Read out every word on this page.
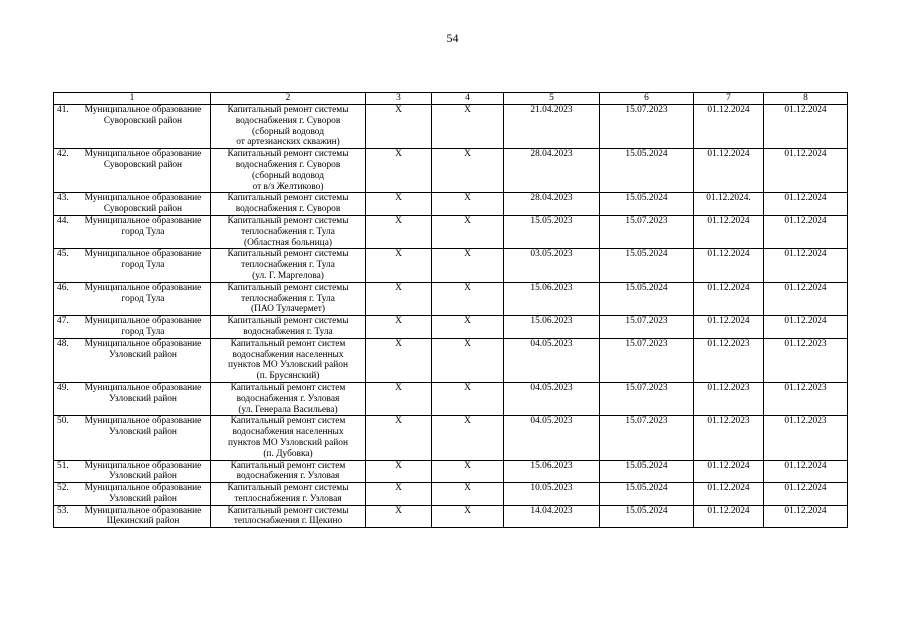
54
1	2	3	4	5	6	7	8
41. Муниципальное образование
Суворовский район	Капитальный ремонт системы
водоснабжения г. Суворов
(сборный водовод
от артезианских скважин)	X	X	21.04.2023	15.07.2023	01.12.2024	01.12.2024
42. Муниципальное образование
Суворовский район	Капитальный ремонт системы
водоснабжения г. Суворов
(сборный водовод
от в/з Желтиково)	X	X	28.04.2023	15.05.2024	01.12.2024	01.12.2024
43. Муниципальное образование
Суворовский район	Капитальный ремонт системы
водоснабжения г. Суворов	X	X	28.04.2023	15.05.2024	01.12.2024.	01.12.2024
44. Муниципальное образование
город Тула	Капитальный ремонт системы
теплоснабжения г. Тула
(Областная больница)	X	X	15.05.2023	15.07.2023	01.12.2024	01.12.2024
45. Муниципальное образование
город Тула	Капитальный ремонт системы
теплоснабжения г. Тула
(ул. Г. Маргелова)	X	X	03.05.2023	15.05.2024	01.12.2024	01.12.2024
46. Муниципальное образование
город Тула	Капитальный ремонт системы
теплоснабжения г. Тула
(ПАО Тулачермет)	X	X	15.06.2023	15.05.2024	01.12.2024	01.12.2024
47. Муниципальное образование
город Тула	Капитальный ремонт системы
водоснабжения г. Тула	X	X	15.06.2023	15.07.2023	01.12.2024	01.12.2024
48. Муниципальное образование
Узловский район	Капитальный ремонт систем
водоснабжения населенных
пунктов МО Узловский район
(п. Брусянский)	X	X	04.05.2023	15.07.2023	01.12.2023	01.12.2023
49. Муниципальное образование
Узловский район	Капитальный ремонт систем
водоснабжения г. Узловая
(ул. Генерала Васильева)	X	X	04.05.2023	15.07.2023	01.12.2023	01.12.2023
50. Муниципальное образование
Узловский район	Капитальный ремонт систем
водоснабжения населенных
пунктов МО Узловский район
(п. Дубовка)	X	X	04.05.2023	15.07.2023	01.12.2023	01.12.2023
51. Муниципальное образование
Узловский район	Капитальный ремонт систем
водоснабжения г. Узловая	X	X	15.06.2023	15.05.2024	01.12.2024	01.12.2024
52. Муниципальное образование
Узловский район	Капитальный ремонт системы
теплоснабжения г. Узловая	X	X	10.05.2023	15.05.2024	01.12.2024	01.12.2024
53. Муниципальное образование
Щекинский район	Капитальный ремонт системы
теплоснабжения г. Щекино	X	X	14.04.2023	15.05.2024	01.12.2024	01.12.2024
